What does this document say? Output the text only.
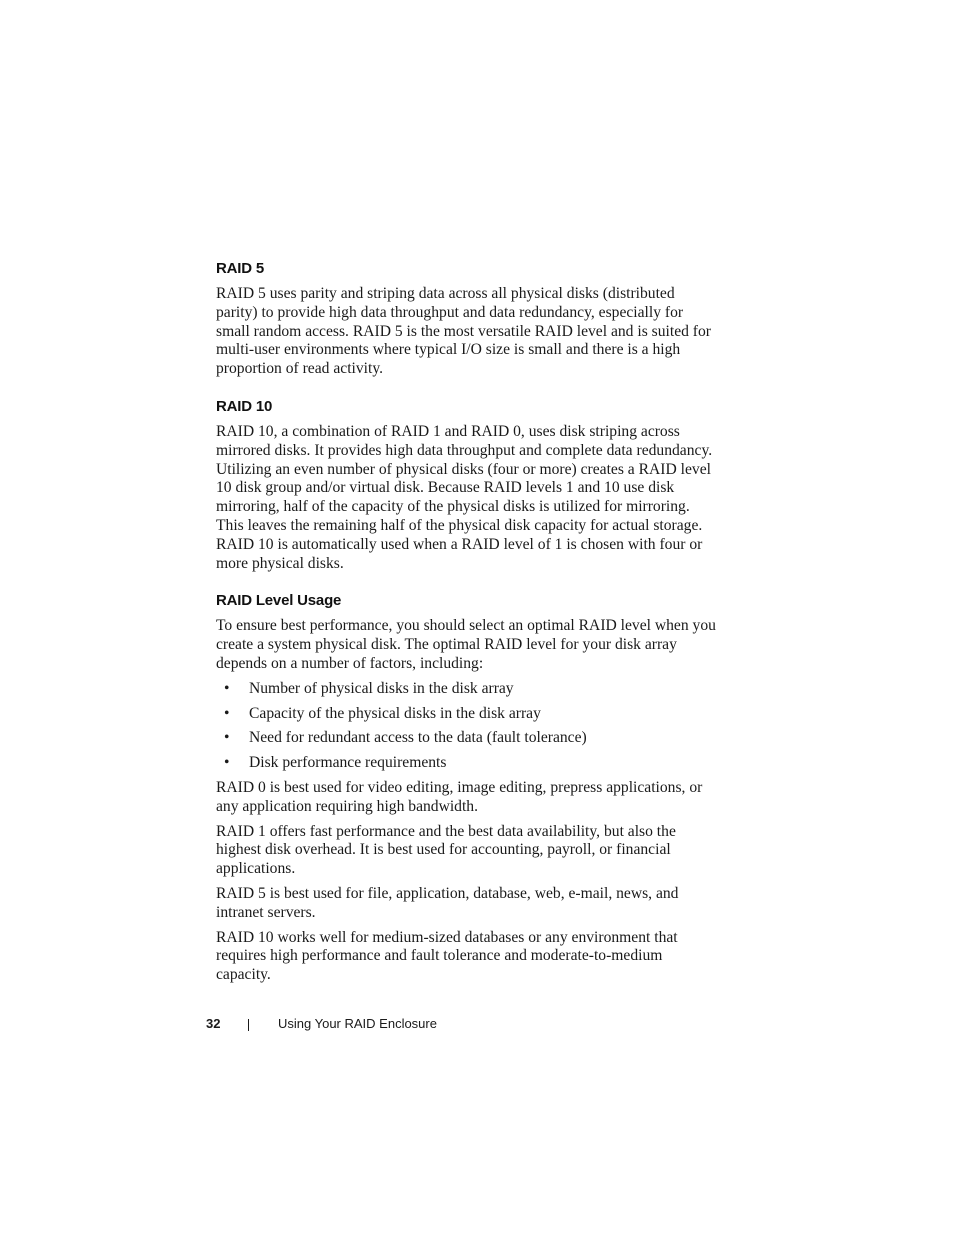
RAID 5

RAID 5 uses parity and striping data across all physical disks (distributed parity) to provide high data throughput and data redundancy, especially for small random access. RAID 5 is the most versatile RAID level and is suited for multi-user environments where typical I/O size is small and there is a high proportion of read activity.

RAID 10

RAID 10, a combination of RAID 1 and RAID 0, uses disk striping across mirrored disks. It provides high data throughput and complete data redundancy. Utilizing an even number of physical disks (four or more) creates a RAID level 10 disk group and/or virtual disk. Because RAID levels 1 and 10 use disk mirroring, half of the capacity of the physical disks is utilized for mirroring. This leaves the remaining half of the physical disk capacity for actual storage. RAID 10 is automatically used when a RAID level of 1 is chosen with four or more physical disks.

RAID Level Usage

To ensure best performance, you should select an optimal RAID level when you create a system physical disk. The optimal RAID level for your disk array depends on a number of factors, including:

• Number of physical disks in the disk array
• Capacity of the physical disks in the disk array
• Need for redundant access to the data (fault tolerance)
• Disk performance requirements

RAID 0 is best used for video editing, image editing, prepress applications, or any application requiring high bandwidth.

RAID 1 offers fast performance and the best data availability, but also the highest disk overhead. It is best used for accounting, payroll, or financial applications.

RAID 5 is best used for file, application, database, web, e-mail, news, and intranet servers.

RAID 10 works well for medium-sized databases or any environment that requires high performance and fault tolerance and moderate-to-medium capacity.

32	Using Your RAID Enclosure
